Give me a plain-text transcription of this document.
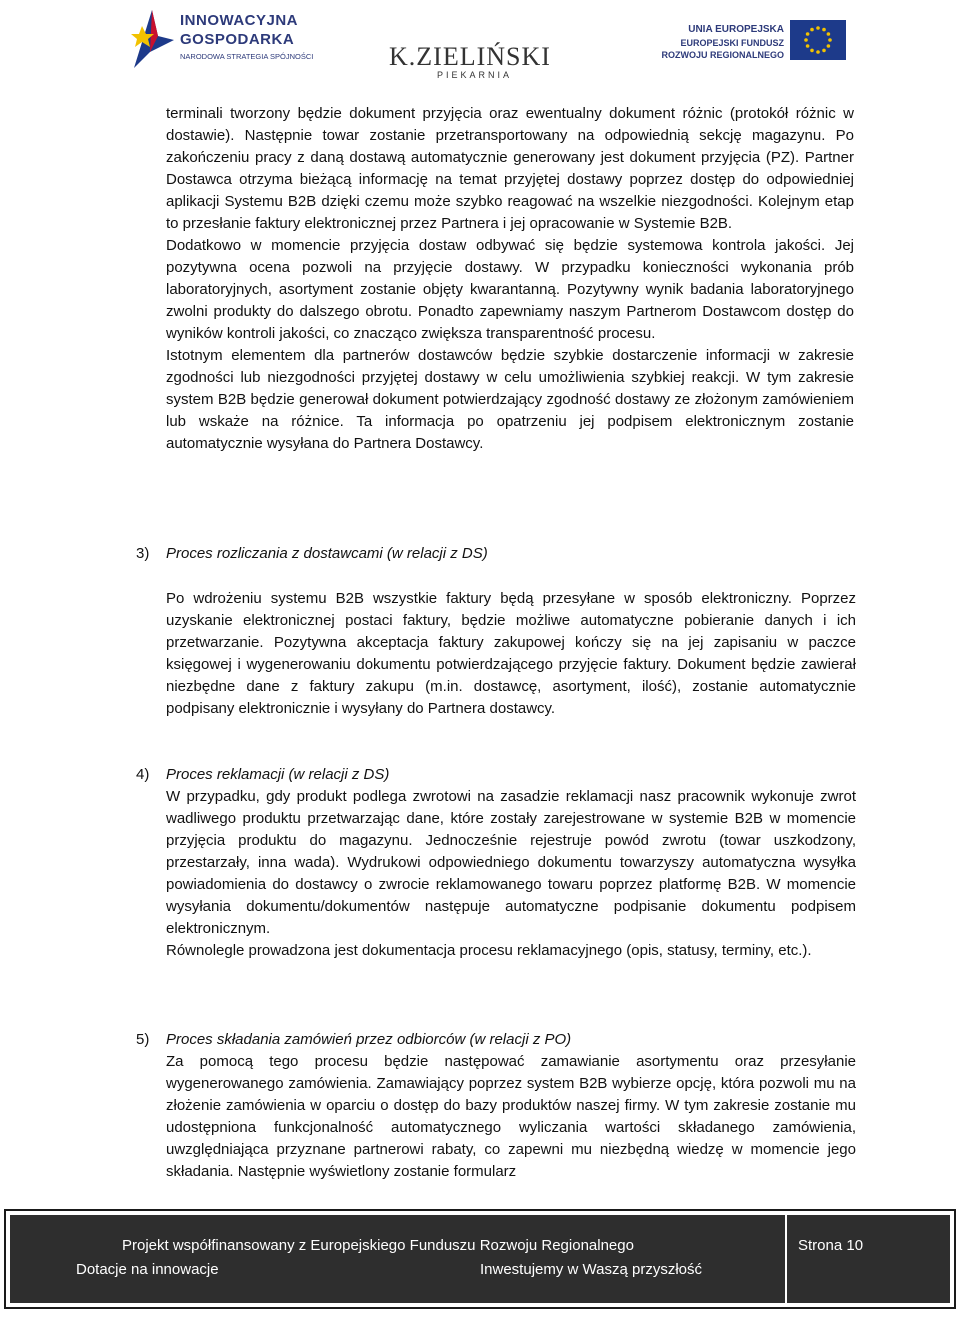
INNOWACYJNA
GOSPODARKA
NARODOWA STRATEGIA SPÓJNOŚCI	K.ZIELIŃSKI
PIEKARNIA
UNIA EUROPEJSKA
EUROPEJSKI FUNDUSZ
ROZWOJU REGIONALNEGO

terminali tworzony będzie dokument przyjęcia oraz ewentualny dokument różnic (protokół różnic w dostawie). Następnie towar zostanie przetransportowany na odpowiednią sekcję magazynu. Po zakończeniu pracy z daną dostawą automatycznie generowany jest dokument przyjęcia (PZ). Partner Dostawca otrzyma bieżącą informację na temat przyjętej dostawy poprzez dostęp do odpowiedniej aplikacji Systemu B2B dzięki czemu może szybko reagować na wszelkie niezgodności. Kolejnym etap to przesłanie faktury elektronicznej przez Partnera i jej opracowanie w Systemie B2B.

Dodatkowo w momencie przyjęcia dostaw odbywać się będzie systemowa kontrola jakości. Jej pozytywna ocena pozwoli na przyjęcie dostawy. W przypadku konieczności wykonania prób laboratoryjnych, asortyment zostanie objęty kwarantanną. Pozytywny wynik badania laboratoryjnego zwolni produkty do dalszego obrotu. Ponadto zapewniamy naszym Partnerom Dostawcom dostęp do wyników kontroli jakości, co znacząco zwiększa transparentność procesu.

Istotnym elementem dla partnerów dostawców będzie szybkie dostarczenie informacji w zakresie zgodności lub niezgodności przyjętej dostawy w celu umożliwienia szybkiej reakcji. W tym zakresie system B2B będzie generował dokument potwierdzający zgodność dostawy ze złożonym zamówieniem lub wskaże na różnice. Ta informacja po opatrzeniu jej podpisem elektronicznym zostanie automatycznie wysyłana do Partnera Dostawcy.

3) Proces rozliczania z dostawcami (w relacji z DS)

Po wdrożeniu systemu B2B wszystkie faktury będą przesyłane w sposób elektroniczny. Poprzez uzyskanie elektronicznej postaci faktury, będzie możliwe automatyczne pobieranie danych i ich przetwarzanie. Pozytywna akceptacja faktury zakupowej kończy się na jej zapisaniu w paczce księgowej i wygenerowaniu dokumentu potwierdzającego przyjęcie faktury. Dokument będzie zawierał niezbędne dane z faktury zakupu (m.in. dostawcę, asortyment, ilość), zostanie automatycznie podpisany elektronicznie i wysyłany do Partnera dostawcy.

4) Proces reklamacji (w relacji z DS)

W przypadku, gdy produkt podlega zwrotowi na zasadzie reklamacji nasz pracownik wykonuje zwrot wadliwego produktu przetwarzając dane, które zostały zarejestrowane w systemie B2B w momencie przyjęcia produktu do magazynu. Jednocześnie rejestruje powód zwrotu (towar uszkodzony, przestarzały, inna wada). Wydrukowi odpowiedniego dokumentu towarzyszy automatyczna wysyłka powiadomienia do dostawcy o zwrocie reklamowanego towaru poprzez platformę B2B. W momencie wysyłania dokumentu/dokumentów następuje automatyczne podpisanie dokumentu podpisem elektronicznym.

Równolegle prowadzona jest dokumentacja procesu reklamacyjnego (opis, statusy, terminy, etc.).

5) Proces składania zamówień przez odbiorców (w relacji z PO)

Za pomocą tego procesu będzie następować zamawianie asortymentu oraz przesyłanie wygenerowanego zamówienia. Zamawiający poprzez system B2B wybierze opcję, która pozwoli mu na złożenie zamówienia w oparciu o dostęp do bazy produktów naszej firmy. W tym zakresie zostanie mu udostępniona funkcjonalność automatycznego wyliczania wartości składanego zamówienia, uwzględniająca przyznane partnerowi rabaty, co zapewni mu niezbędną wiedzę w momencie jego składania. Następnie wyświetlony zostanie formularz

Projekt współfinansowany z Europejskiego Funduszu Rozwoju Regionalnego
Dotacje na innowacje	Inwestujemy w Waszą przyszłość
Strona 10
